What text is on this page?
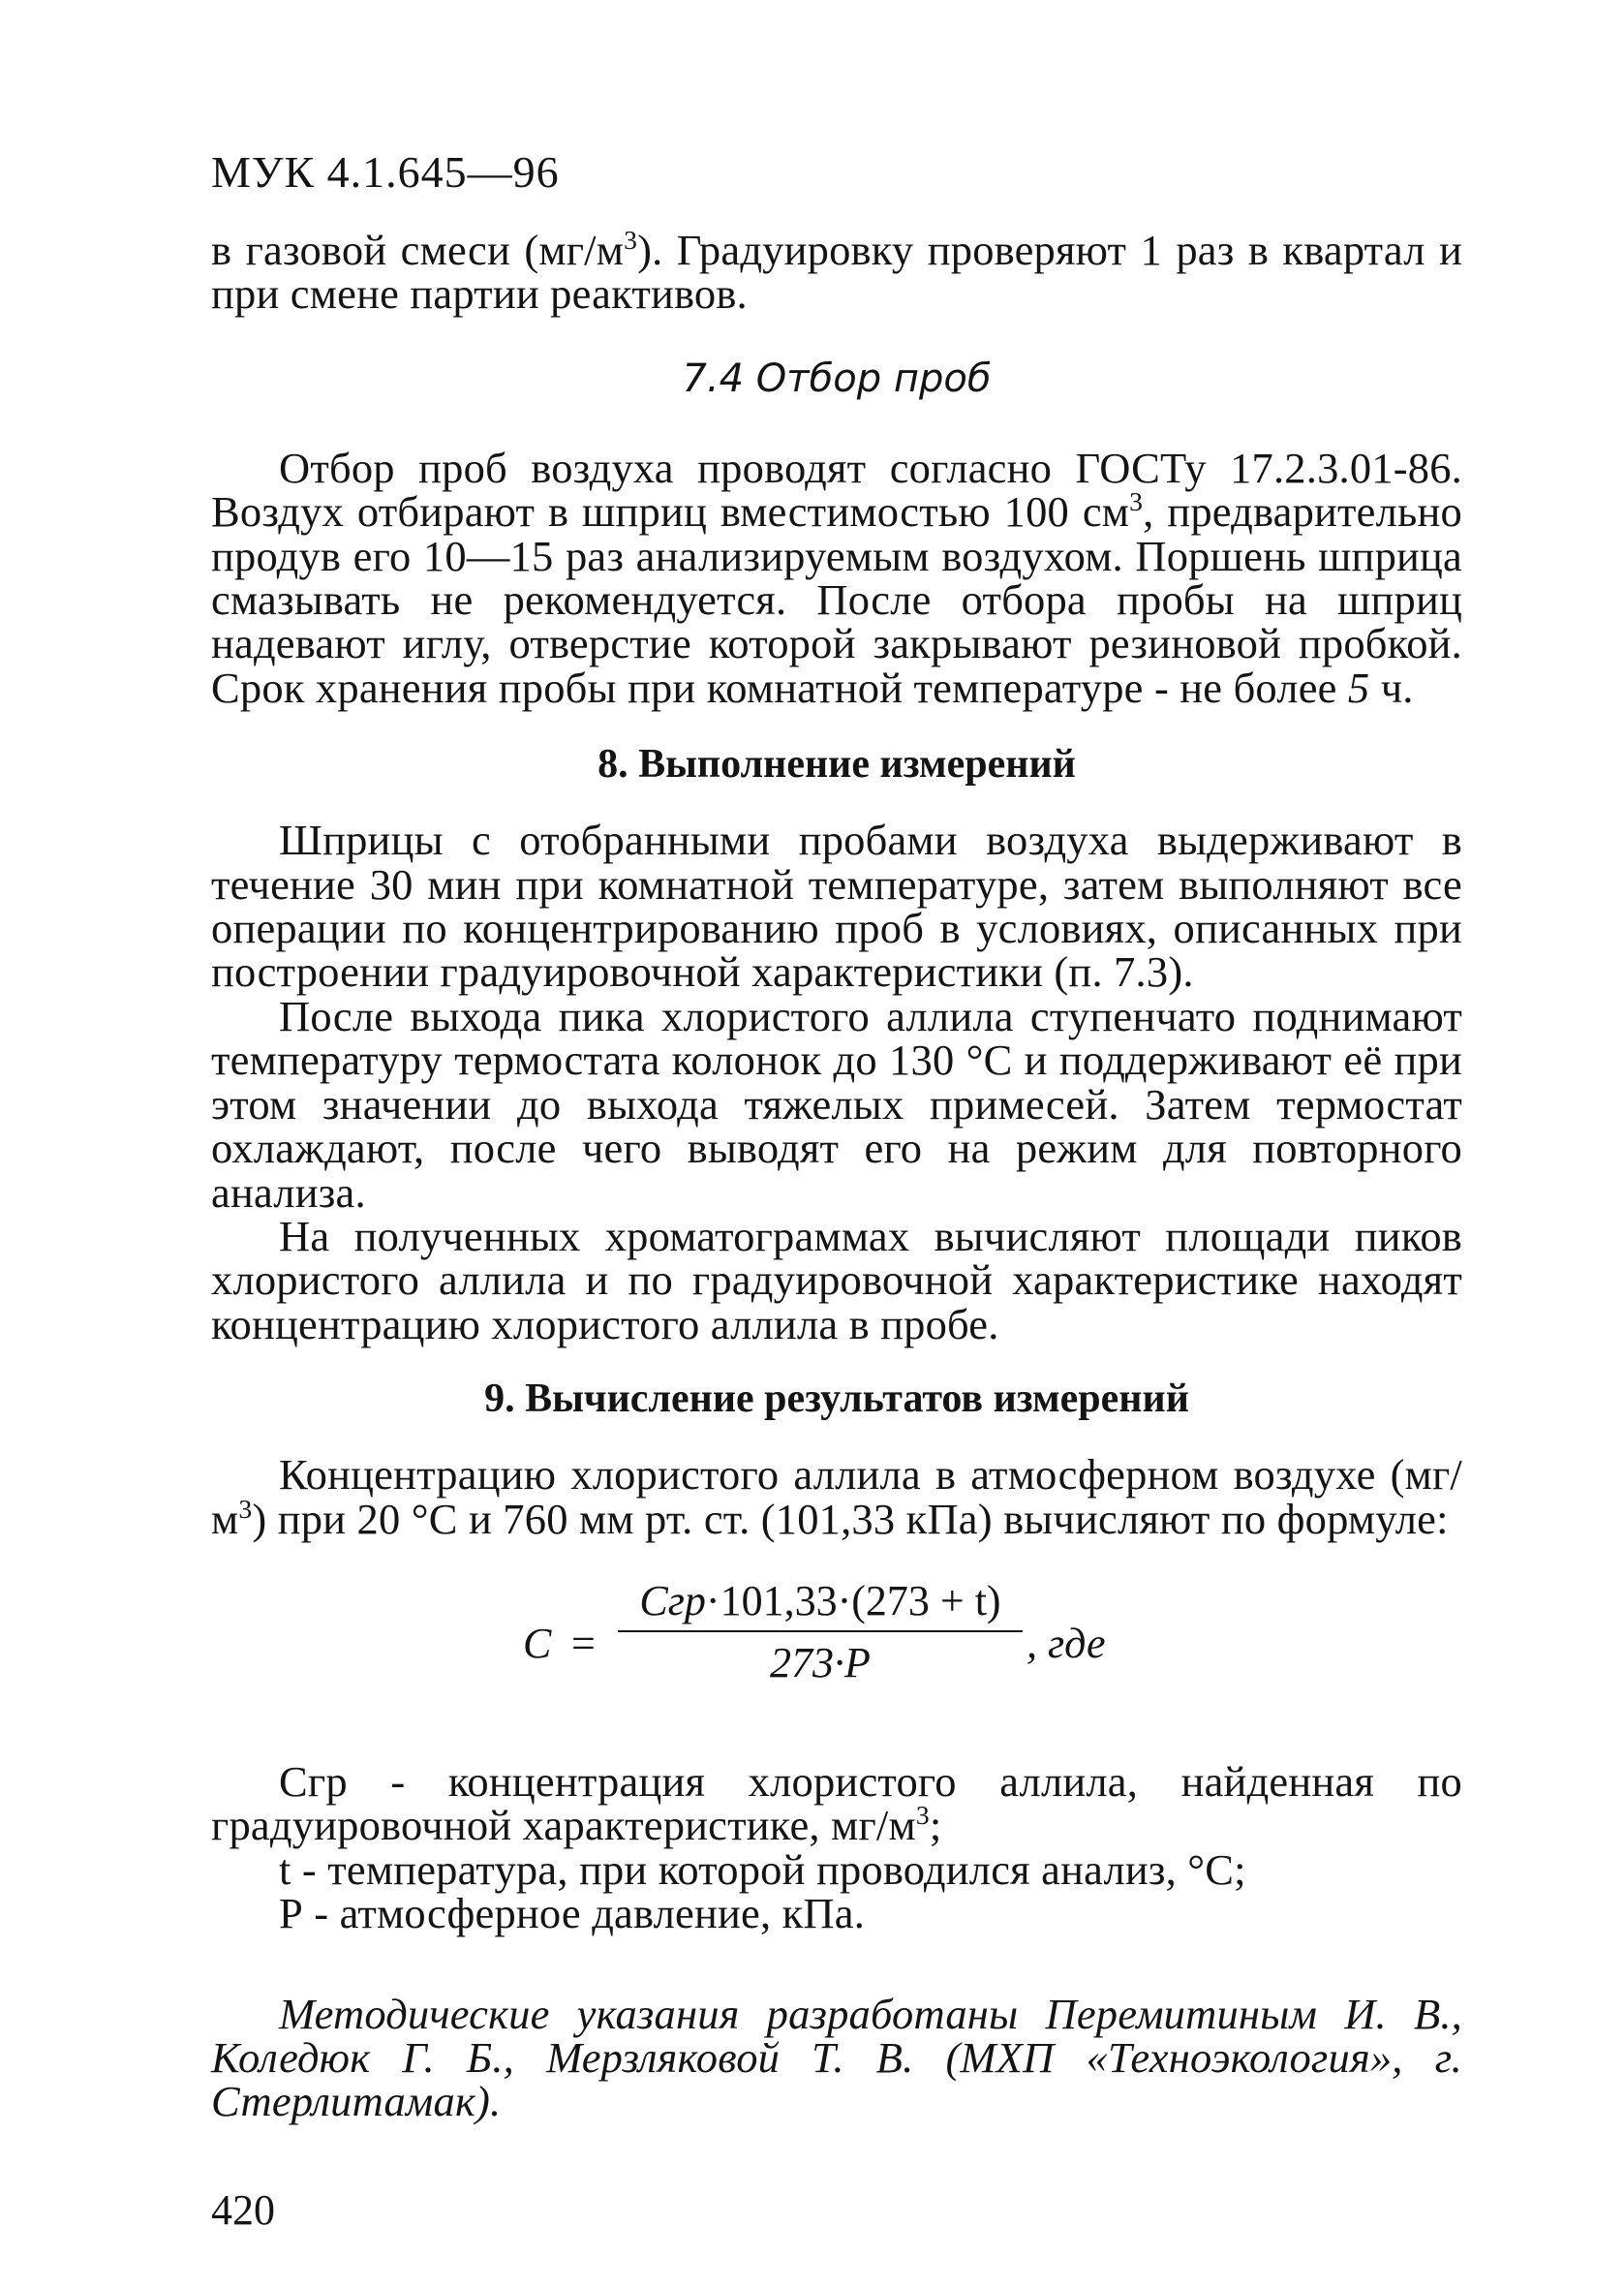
МУК 4.1.645—96

в газовой смеси $(мг/м^3)$. Градуировку проверяют 1 раз в квартал и при смене партии реактивов.

7.4 Отбор проб

Отбор проб воздуха проводят согласно ГОСТу 17.2.3.01-86. Воздух отбирают в шприц вместимостью 100 $см^3$, предварительно продув его 10—15 раз анализируемым воздухом. Поршень шприца смазывать не рекомендуется. После отбора пробы на шприц надевают иглу, отверстие которой закрывают резиновой пробкой. Срок хранения пробы при комнатной температуре - не более 5 ч.

8. Выполнение измерений

Шприцы с отобранными пробами воздуха выдерживают в течение 30 мин при комнатной температуре, затем выполняют все операции по концентрированию проб в условиях, описанных при построении градуировочной характеристики (п. 7.3).

После выхода пика хлористого аллила ступенчато поднимают температуру термостата колонок до 130 °С и поддерживают её при этом значении до выхода тяжелых примесей. Затем термостат охлаждают, после чего выводят его на режим для повторного анализа.

На полученных хроматограммах вычисляют площади пиков хлористого аллила и по градуировочной характеристике находят концентрацию хлористого аллила в пробе.

9. Вычисление результатов измерений

Концентрацию хлористого аллила в атмосферном воздухе $(мг/м^3)$ при 20 °С и 760 мм рт. ст. (101,33 кПа) вычисляют по формуле:

C =
Cгр·101,33·(273 + t)
273·P	, где

Сгр - концентрация хлористого аллила, найденная по градуировочной характеристике, $мг/м^3$;

t - температура, при которой проводился анализ, °С;

Р - атмосферное давление, кПа.

Методические указания разработаны Перемитиным И. В., Коледюк Г. Б., Мерзляковой Т. В. (МХП «Техноэкология», г. Стерлитамак).

420
